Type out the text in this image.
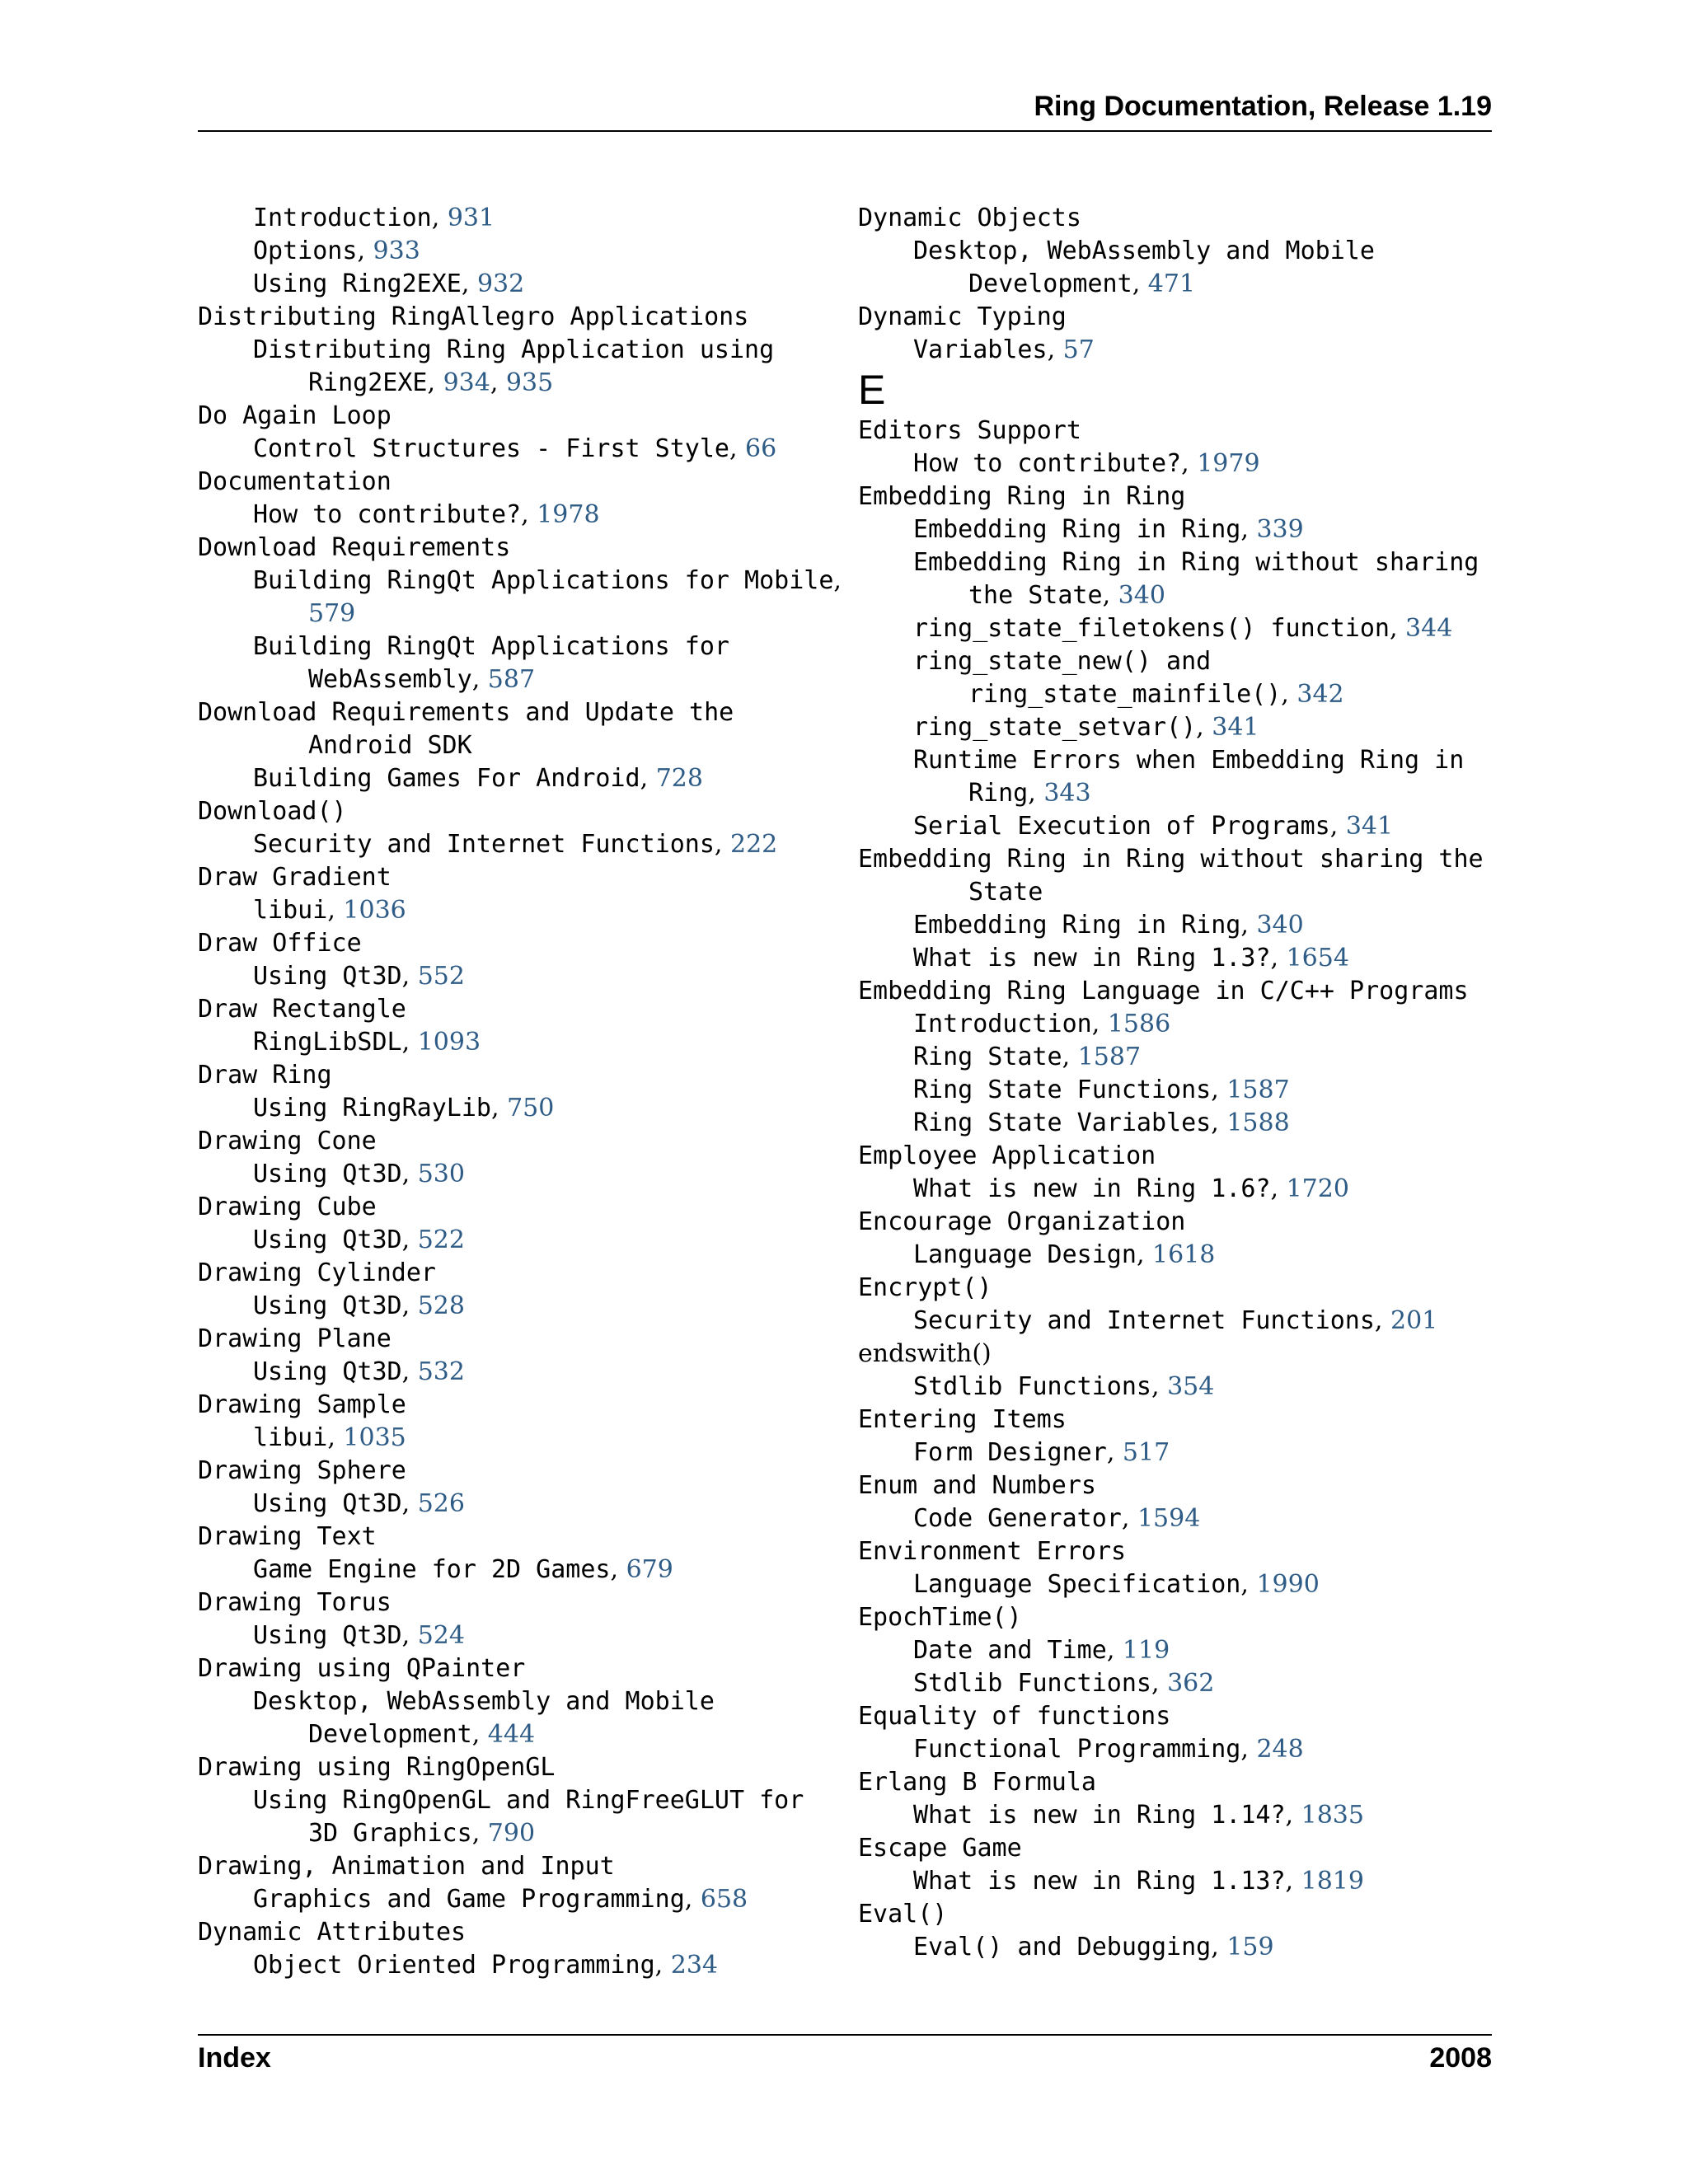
Ring Documentation, Release 1.19
Introduction, 931
Options, 933
Using Ring2EXE, 932
Distributing RingAllegro Applications
Distributing Ring Application using
Ring2EXE, 934, 935
Do Again Loop
Control Structures - First Style, 66
Documentation
How to contribute?, 1978
Download Requirements
Building RingQt Applications for Mobile,
579
Building RingQt Applications for
WebAssembly, 587
Download Requirements and Update the
Android SDK
Building Games For Android, 728
Download()
Security and Internet Functions, 222
Draw Gradient
libui, 1036
Draw Office
Using Qt3D, 552
Draw Rectangle
RingLibSDL, 1093
Draw Ring
Using RingRayLib, 750
Drawing Cone
Using Qt3D, 530
Drawing Cube
Using Qt3D, 522
Drawing Cylinder
Using Qt3D, 528
Drawing Plane
Using Qt3D, 532
Drawing Sample
libui, 1035
Drawing Sphere
Using Qt3D, 526
Drawing Text
Game Engine for 2D Games, 679
Drawing Torus
Using Qt3D, 524
Drawing using QPainter
Desktop, WebAssembly and Mobile
Development, 444
Drawing using RingOpenGL
Using RingOpenGL and RingFreeGLUT for
3D Graphics, 790
Drawing, Animation and Input
Graphics and Game Programming, 658
Dynamic Attributes
Object Oriented Programming, 234
Dynamic Objects
Desktop, WebAssembly and Mobile
Development, 471
Dynamic Typing
Variables, 57
E
Editors Support
How to contribute?, 1979
Embedding Ring in Ring
Embedding Ring in Ring, 339
Embedding Ring in Ring without sharing
the State, 340
ring_state_filetokens() function, 344
ring_state_new() and
ring_state_mainfile(), 342
ring_state_setvar(), 341
Runtime Errors when Embedding Ring in
Ring, 343
Serial Execution of Programs, 341
Embedding Ring in Ring without sharing the
State
Embedding Ring in Ring, 340
What is new in Ring 1.3?, 1654
Embedding Ring Language in C/C++ Programs
Introduction, 1586
Ring State, 1587
Ring State Functions, 1587
Ring State Variables, 1588
Employee Application
What is new in Ring 1.6?, 1720
Encourage Organization
Language Design, 1618
Encrypt()
Security and Internet Functions, 201
endswith()
Stdlib Functions, 354
Entering Items
Form Designer, 517
Enum and Numbers
Code Generator, 1594
Environment Errors
Language Specification, 1990
EpochTime()
Date and Time, 119
Stdlib Functions, 362
Equality of functions
Functional Programming, 248
Erlang B Formula
What is new in Ring 1.14?, 1835
Escape Game
What is new in Ring 1.13?, 1819
Eval()
Eval() and Debugging, 159
Index	2008
